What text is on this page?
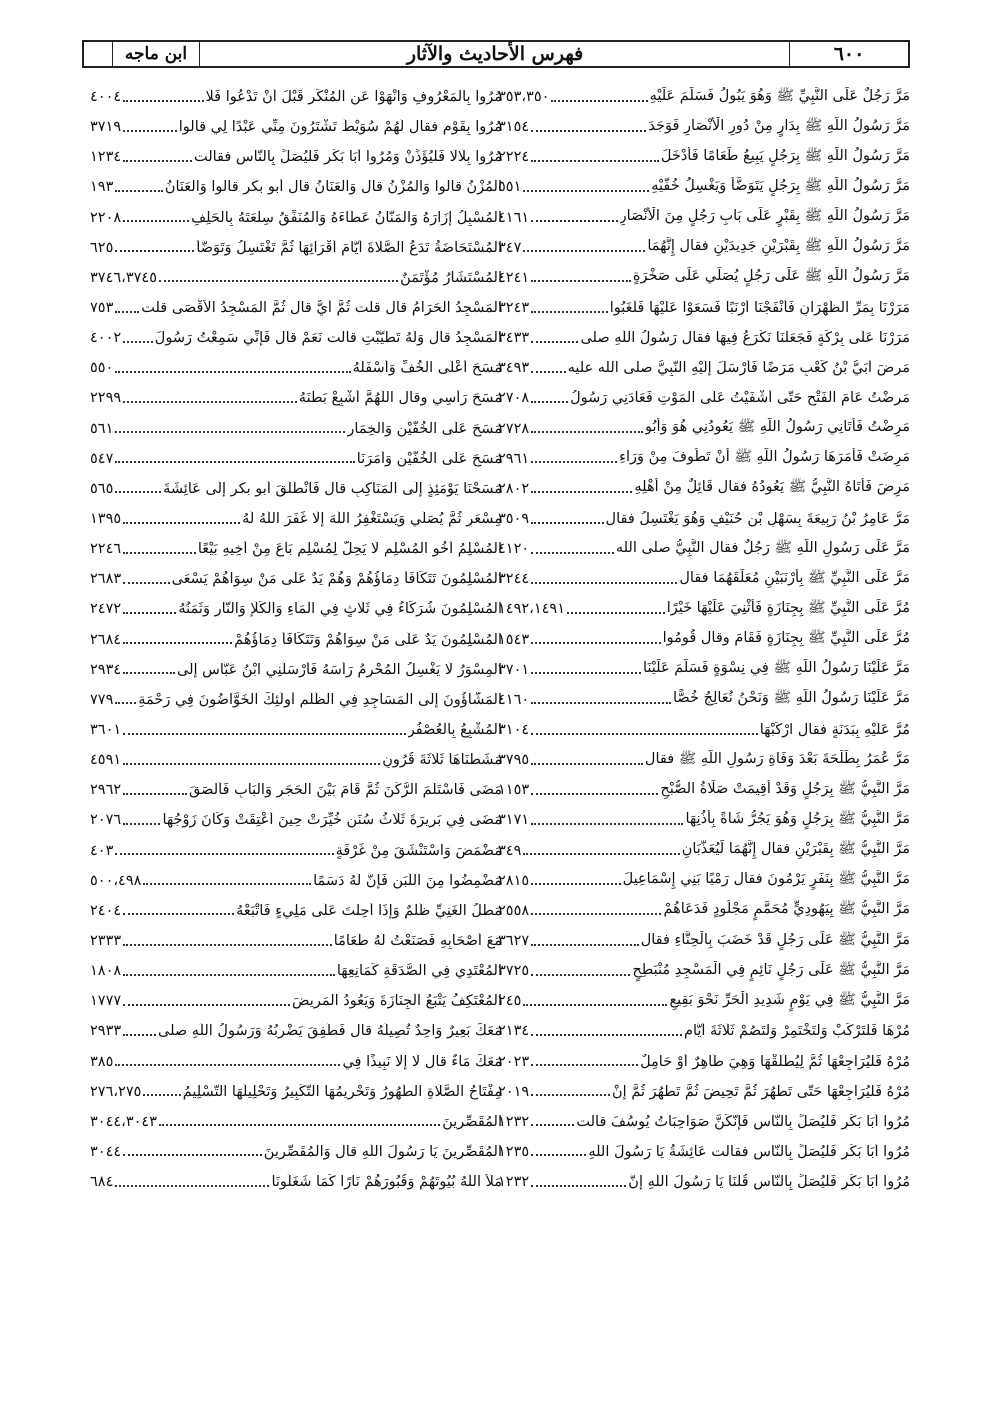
٦٠٠
فهرس الأحاديث والآثار
ابن ماجه
مَرَّ رَجُلٌ عَلَى النَّبِيِّ ﷺ وَهُوَ يَبُولُ فَسَلَّمَ عَلَيْهِ
٣٥٣،٣٥٠
مَرَّ رَسُولُ اللَّهِ ﷺ بِدَارٍ مِنْ دُورِ الْأَنْصَارِ فَوَجَدَ
٣١٥٤
مَرَّ رَسُولُ اللَّهِ ﷺ بِرَجُلٍ يَبِيعُ طَعَامًا فَأَدْخَلَ
٢٢٢٤
مَرَّ رَسُولُ اللَّهِ ﷺ بِرَجُلٍ يَتَوَضَّأُ وَيَغْسِلُ خُفَّيْهِ
٥٥١
مَرَّ رَسُولُ اللَّهِ ﷺ بِقَبْرٍ عَلَى بَابِ رَجُلٍ مِنَ الْأَنْصَارِ
٤١٦١
مَرَّ رَسُولُ اللَّهِ ﷺ بِقَبْرَيْنِ جَدِيدَيْنِ فقال إِنَّهُمَا
٣٤٧
مَرَّ رَسُولُ اللَّهِ ﷺ عَلَى رَجُلٍ يُصَلِّي عَلَى صَخْرَةٍ
٤٢٤١
مَرَرْنَا بِمَرِّ الظَّهْرَانِ فَأَنْفَجْنَا أَرْنَبًا فَسَعَوْا عَلَيْهَا فَلَغَبُوا
٣٢٤٣
مَرَرْنَا عَلَى بِرْكَةٍ فَجَعَلْنَا نَكْرَعُ فِيهَا فقال رَسُولُ اللَّهِ صلى
٣٤٣٣
مَرِضَ أُبَيُّ بْنُ كَعْبٍ مَرَضًا فَأَرْسَلَ إِلَيْهِ النَّبِيُّ صلى الله عليه
٣٤٩٣
مَرِضْتُ عَامَ الْفَتْحِ حَتَّى أَشْفَيْتُ عَلَى الْمَوْتِ فَعَادَنِي رَسُولُ
٢٧٠٨
مَرِضْتُ فَأَتَانِي رَسُولُ اللَّهِ ﷺ يَعُودُنِي هُوَ وَأَبُو
٢٧٢٨
مَرِضَتْ فَأَمَرَهَا رَسُولُ اللَّهِ ﷺ أَنْ تَطُوفَ مِنْ وَرَاءِ
٢٩٦١
مَرِضَ فَأَتَاهُ النَّبِيُّ ﷺ يَعُودُهُ فقال قَائِلٌ مِنْ أَهْلِهِ
٢٨٠٢
مَرَّ عَامِرُ بْنُ رَبِيعَةَ بِسَهْلِ بْنِ حُنَيْفٍ وَهُوَ يَغْتَسِلُ فقال
٣٥٠٩
مَرَّ عَلَى رَسُولِ اللَّهِ ﷺ رَجُلٌ فقال النَّبِيُّ صلى الله
٤١٢٠
مَرَّ عَلَى النَّبِيِّ ﷺ بِأَرْنَبَيْنِ مُعَلِّقَهُمَا فقال
٣٢٤٤
مُرَّ عَلَى النَّبِيِّ ﷺ بِجِنَازَةٍ فَأُثْنِيَ عَلَيْهَا خَيْرًا
١٤٩٢،١٤٩١
مُرَّ عَلَى النَّبِيِّ ﷺ بِجِنَازَةٍ فَقَامَ وقال قُومُوا
١٥٤٣
مَرَّ عَلَيْنَا رَسُولُ اللَّهِ ﷺ فِي نِسْوَةٍ فَسَلَّمَ عَلَيْنَا
٣٧٠١
مَرَّ عَلَيْنَا رَسُولُ اللَّهِ ﷺ وَنَحْنُ نُعَالِجُ خُصًّا
٤١٦٠
مُرَّ عَلَيْهِ بِبَدَنَةٍ فقال ارْكَبْهَا
٣١٠٤
مَرَّ عُمَرُ بِطَلْحَةَ بَعْدَ وَفَاةِ رَسُولِ اللَّهِ ﷺ فقال
٣٧٩٥
مَرَّ النَّبِيُّ ﷺ بِرَجُلٍ وَقَدْ أُقِيمَتْ صَلَاةُ الصُّبْحِ
١١٥٣
مَرَّ النَّبِيُّ ﷺ بِرَجُلٍ وَهُوَ يَجُرُّ شَاةً بِأُذُنِهَا
٣١٧١
مَرَّ النَّبِيُّ ﷺ بِقَبْرَيْنِ فقال إِنَّهُمَا لَيُعَذَّبَانِ
٣٤٩
مَرَّ النَّبِيُّ ﷺ بِنَفَرٍ يَرْمُونَ فقال رَمْيًا بَنِي إِسْمَاعِيلَ
٢٨١٥
مَرَّ النَّبِيُّ ﷺ بِيَهُودِيٍّ مُحَمَّمٍ مَجْلُودٍ فَدَعَاهُمْ
٢٥٥٨
مَرَّ النَّبِيُّ ﷺ عَلَى رَجُلٍ قَدْ خَضَبَ بِالْحِنَّاءِ فقال
٣٦٢٧
مَرَّ النَّبِيُّ ﷺ عَلَى رَجُلٍ نَائِمٍ فِي الْمَسْجِدِ مُنْبَطِحٍ
٣٧٢٥
مَرَّ النَّبِيُّ ﷺ فِي يَوْمٍ شَدِيدِ الْحَرِّ نَحْوَ بَقِيعِ
٢٤٥
مُرْهَا فَلْتَرْكَبْ وَلْتَخْتَمِرْ وَلْتَصُمْ ثَلَاثَةَ أَيَّامٍ
٢١٣٤
مُرْهُ فَلْيُرَاجِعْهَا ثُمَّ لِيُطَلِّقْهَا وَهِيَ طَاهِرٌ أَوْ حَامِلٌ
٢٠٢٣
مُرْهُ فَلْيُرَاجِعْهَا حَتَّى تَطْهُرَ ثُمَّ تَحِيضَ ثُمَّ تَطْهُرَ ثُمَّ إِنْ
٢٠١٩
مُرُوا أَبَا بَكْرٍ فَلْيُصَلِّ بِالنَّاسِ فَإِنَّكُنَّ صَوَاحِبَاتُ يُوسُفَ قالت
١٢٣٢
مُرُوا أَبَا بَكْرٍ فَلْيُصَلِّ بِالنَّاسِ فقالت عَائِشَةُ يَا رَسُولَ اللَّهِ
١٢٣٥
مُرُوا أَبَا بَكْرٍ فَلْيُصَلِّ بِالنَّاسِ قُلْنَا يَا رَسُولَ اللَّهِ إِنَّ
١٢٣٢
مُرُوا بِالْمَعْرُوفِ وَانْهَوْا عَنِ الْمُنْكَرِ قَبْلَ أَنْ تَدْعُوا فَلَا
٤٠٠٤
مُرُوا بِقَوْمٍ فقال لَهُمْ سُوَيْطُ تَشْتَرُونَ مِنِّي عَبْدًا لِي قالوا
٣٧١٩
مُرُوا بِلَالًا فَلْيُؤَذِّنْ وَمُرُوا أَبَا بَكْرٍ فَلْيُصَلِّ بِالنَّاسِ فقالت
١٢٣٤
الْمُزْنُ قالوا وَالْمُزْنُ قال وَالْعَنَانُ قال أبو بكر قالوا وَالْعَنَانُ
١٩٣
الْمُسْبِلُ إِزَارَهُ وَالْمَنَّانُ عَطَاءَهُ وَالْمُنَفِّقُ سِلْعَتَهُ بِالْحَلِفِ
٢٢٠٨
الْمُسْتَحَاضَةُ تَدَعُ الصَّلَاةَ أَيَّامَ أَقْرَائِهَا ثُمَّ تَغْتَسِلُ وَتَوَضَّأُ
٦٢٥
الْمُسْتَشَارُ مُؤْتَمَنٌ
٣٧٤٦،٣٧٤٥
الْمَسْجِدُ الْحَرَامُ قال قلت ثُمَّ أَيٌّ قال ثُمَّ الْمَسْجِدُ الْأَقْصَى قلت
٧٥٣
الْمَسْجِدُ قال وَلَهُ تَطَيَّبْتِ قالت نَعَمْ قال فَإِنِّي سَمِعْتُ رَسُولَ
٤٠٠٢
مَسَحَ أَعْلَى الْخُفِّ وَأَسْفَلَهُ
٥٥٠
مَسَحَ رَأْسِي وقال اللَّهُمَّ أَشْبِعْ بَطْنَهُ
٢٢٩٩
مَسَحَ عَلَى الْخُفَّيْنِ وَالْخِمَارِ
٥٦١
مَسَحَ عَلَى الْخُفَّيْنِ وَأَمَرَنَا
٥٤٧
مَسَحْنَا يَوْمَئِذٍ إِلَى الْمَنَاكِبِ قال فَانْطَلَقَ أبو بكر إِلَى عَائِشَةَ
٥٦٥
مِسْعَرٍ ثُمَّ يُصَلِّي وَيَسْتَغْفِرُ اللَّهَ إِلَّا غَفَرَ اللَّهُ لَهُ
١٣٩٥
الْمُسْلِمُ أَخُو الْمُسْلِمِ لَا يَحِلُّ لِمُسْلِمٍ بَاعَ مِنْ أَخِيهِ بَيْعًا
٢٢٤٦
الْمُسْلِمُونَ تَتَكَافَأُ دِمَاؤُهُمْ وَهُمْ يَدٌ عَلَى مَنْ سِوَاهُمْ يَسْعَى
٢٦٨٣
الْمُسْلِمُونَ شُرَكَاءُ فِي ثَلَاثٍ فِي الْمَاءِ وَالْكَلَإِ وَالنَّارِ وَثَمَنُهُ
٢٤٧٢
الْمُسْلِمُونَ يَدٌ عَلَى مَنْ سِوَاهُمْ وَتَتَكَافَأُ دِمَاؤُهُمْ
٢٦٨٤
الْمِسْوَرُ لَا يَغْسِلُ الْمُحْرِمُ رَأْسَهُ فَأَرْسَلَنِي ابْنُ عَبَّاسٍ إِلَى
٢٩٣٤
الْمَشَّاؤُونَ إِلَى الْمَسَاجِدِ فِي الظُّلَمِ أُولَئِكَ الْخَوَّاضُونَ فِي رَحْمَةِ
٧٧٩
الْمُشْبِعُ بِالْعُصْفُرِ
٣٦٠١
مَشَطْنَاهَا ثَلَاثَةَ قُرُونٍ
٤٥٩١
مَضَى فَاسْتَلَمَ الرُّكْنَ ثُمَّ قَامَ بَيْنَ الْحَجَرِ وَالْبَابِ فَأَلْصَقَ
٢٩٦٢
مَضَى فِي بَرِيرَةَ ثَلَاثُ سُنَنٍ خُيِّرَتْ حِينَ أُعْتِقَتْ وَكَانَ زَوْجُهَا
٢٠٧٦
مَضْمَضَ وَاسْتَنْشَقَ مِنْ غَرْفَةٍ
٤٠٣
مَضْمِضُوا مِنَ اللَّبَنِ فَإِنَّ لَهُ دَسَمًا
٥٠٠،٤٩٨
مَطْلُ الْغَنِيِّ ظُلْمٌ وَإِذَا أُحِلْتَ عَلَى مَلِيءٍ فَاتْبَعْهُ
٢٤٠٤
مَعَ أَصْحَابِهِ فَصَنَعْتُ لَهُ طَعَامًا
٢٣٣٣
الْمُعْتَدِي فِي الصَّدَقَةِ كَمَانِعِهَا
١٨٠٨
الْمُعْتَكِفُ يَتْبَعُ الْجِنَازَةَ وَيَعُودُ الْمَرِيضَ
١٧٧٧
مَعَكَ بَعِيرٌ وَاحِدٌ تُصِيلُهُ قال فَطَفِقَ يَضْرِبُهُ وَرَسُولُ اللَّهِ صلى
٢٩٣٣
مَعَكَ مَاءٌ قال لَا إِلَّا نَبِيذًا فِي
٣٨٥
مِفْتَاحُ الصَّلَاةِ الطُّهُورُ وَتَحْرِيمُهَا التَّكْبِيرُ وَتَحْلِيلُهَا التَّسْلِيمُ
٢٧٦،٢٧٥
الْمُقَصِّرِينَ
٣٠٤٤،٣٠٤٣
الْمُقَصِّرِينَ يَا رَسُولَ اللَّهِ قال وَالْمُقَصِّرِينَ
٣٠٤٤
مَلَأَ اللَّهُ بُيُوتَهُمْ وَقُبُورَهُمْ نَارًا كَمَا شَغَلُونَا
٦٨٤
